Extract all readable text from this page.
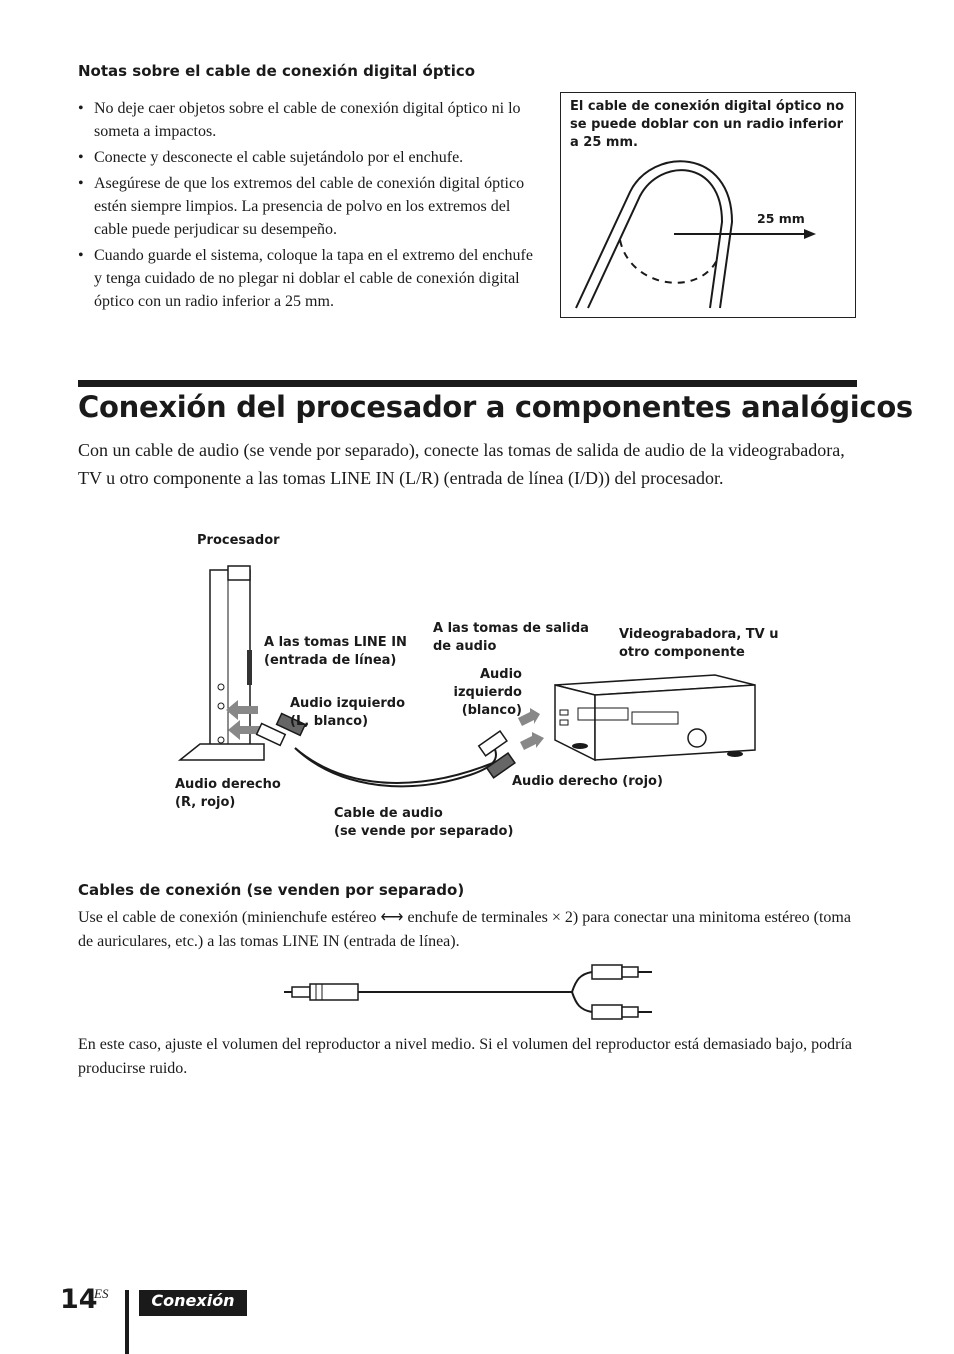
Notas sobre el cable de conexión digital óptico
• No deje caer objetos sobre el cable de conexión digital óptico ni lo someta a impactos.
• Conecte y desconecte el cable sujetándolo por el enchufe.
• Asegúrese de que los extremos del cable de conexión digital óptico estén siempre limpios. La presencia de polvo en los extremos del cable puede perjudicar su desempeño.
• Cuando guarde el sistema, coloque la tapa en el extremo del enchufe y tenga cuidado de no plegar ni doblar el cable de conexión digital óptico con un radio inferior a 25 mm.
El cable de conexión digital óptico no se puede doblar con un radio inferior a 25 mm.
25 mm
Conexión del procesador a componentes analógicos
Con un cable de audio (se vende por separado), conecte las tomas de salida de audio de la videograbadora, TV u otro componente a las tomas LINE IN (L/R) (entrada de línea (I/D)) del procesador.
Procesador
A las tomas LINE IN
(entrada de línea)
A las tomas de salida
de audio
Videograbadora, TV u
otro componente
Audio izquierdo
(L, blanco)
Audio
izquierdo
(blanco)
Audio derecho
(R, rojo)
Audio derecho (rojo)
Cable de audio
(se vende por separado)
Cables de conexión (se venden por separado)
Use el cable de conexión (minienchufe estéreo ⟷ enchufe de terminales × 2) para conectar una minitoma estéreo (toma de auriculares, etc.) a las tomas LINE IN (entrada de línea).
En este caso, ajuste el volumen del reproductor a nivel medio. Si el volumen del reproductor está demasiado bajo, podría producirse ruido.
14
ES	Conexión
